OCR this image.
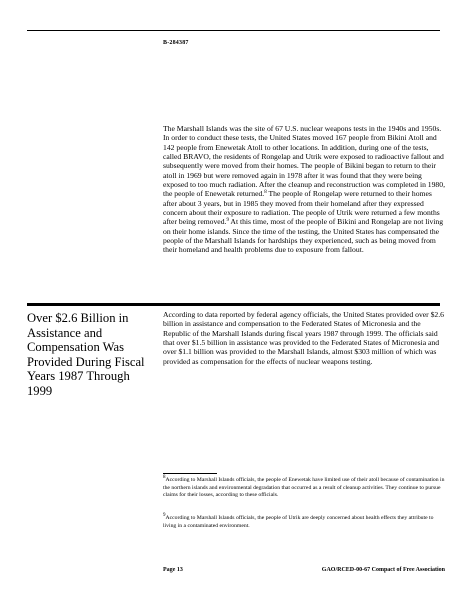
B-284387

The Marshall Islands was the site of 67 U.S. nuclear weapons tests in the 1940s and 1950s. In order to conduct these tests, the United States moved 167 people from Bikini Atoll and 142 people from Enewetak Atoll to other locations. In addition, during one of the tests, called BRAVO, the residents of Rongelap and Utrik were exposed to radioactive fallout and subsequently were moved from their homes. The people of Bikini began to return to their atoll in 1969 but were removed again in 1978 after it was found that they were being exposed to too much radiation. After the cleanup and reconstruction was completed in 1980, the people of Enewetak returned.$^8$ The people of Rongelap were returned to their homes after about 3 years, but in 1985 they moved from their homeland after they expressed concern about their exposure to radiation. The people of Utrik were returned a few months after being removed.$^9$ At this time, most of the people of Bikini and Rongelap are not living on their home islands. Since the time of the testing, the United States has compensated the people of the Marshall Islands for hardships they experienced, such as being moved from their homeland and health problems due to exposure from fallout.

Over $2.6 Billion in Assistance and Compensation Was Provided During Fiscal Years 1987 Through 1999

According to data reported by federal agency officials, the United States provided over $2.6 billion in assistance and compensation to the Federated States of Micronesia and the Republic of the Marshall Islands during fiscal years 1987 through 1999. The officials said that over $1.5 billion in assistance was provided to the Federated States of Micronesia and over $1.1 billion was provided to the Marshall Islands, almost $303 million of which was provided as compensation for the effects of nuclear weapons testing.

$^8$According to Marshall Islands officials, the people of Enewetak have limited use of their atoll because of contamination in the northern islands and environmental degradation that occurred as a result of cleanup activities. They continue to pursue claims for their losses, according to these officials.

$^9$According to Marshall Islands officials, the people of Utrik are deeply concerned about health effects they attribute to living in a contaminated environment.

Page 13	GAO/RCED-00-67 Compact of Free Association
